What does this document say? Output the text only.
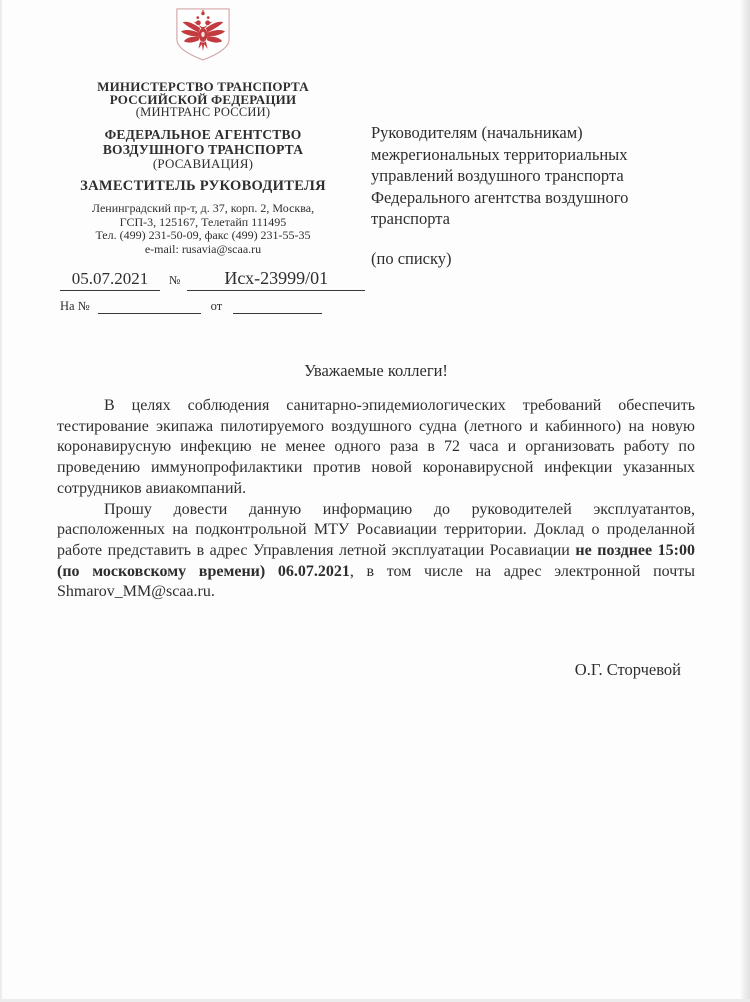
МИНИСТЕРСТВО ТРАНСПОРТА
РОССИЙСКОЙ ФЕДЕРАЦИИ
(МИНТРАНС РОССИИ)
ФЕДЕРАЛЬНОЕ АГЕНТСТВО
ВОЗДУШНОГО ТРАНСПОРТА
(РОСАВИАЦИЯ)
ЗАМЕСТИТЕЛЬ РУКОВОДИТЕЛЯ
Ленинградский пр-т, д. 37, корп. 2, Москва,
ГСП-3, 125167, Телетайп 111495
Тел. (499) 231-50-09, факс (499) 231-55-35
e-mail: rusavia@scaa.ru
05.07.2021	№	Исх-23999/01
На №	от
Руководителям (начальникам)
межрегиональных территориальных
управлений воздушного транспорта
Федерального агентства воздушного
транспорта
(по списку)
Уважаемые коллеги!

В целях соблюдения санитарно-эпидемиологических требований обеспечить тестирование экипажа пилотируемого воздушного судна (летного и кабинного) на новую коронавирусную инфекцию не менее одного раза в 72 часа и организовать работу по проведению иммунопрофилактики против новой коронавирусной инфекции указанных сотрудников авиакомпаний.

Прошу довести данную информацию до руководителей эксплуатантов, расположенных на подконтрольной МТУ Росавиации территории. Доклад о проделанной работе представить в адрес Управления летной эксплуатации Росавиации не позднее 15:00 (по московскому времени) 06.07.2021, в том числе на адрес электронной почты Shmarov_MM@scaa.ru.

О.Г. Сторчевой
